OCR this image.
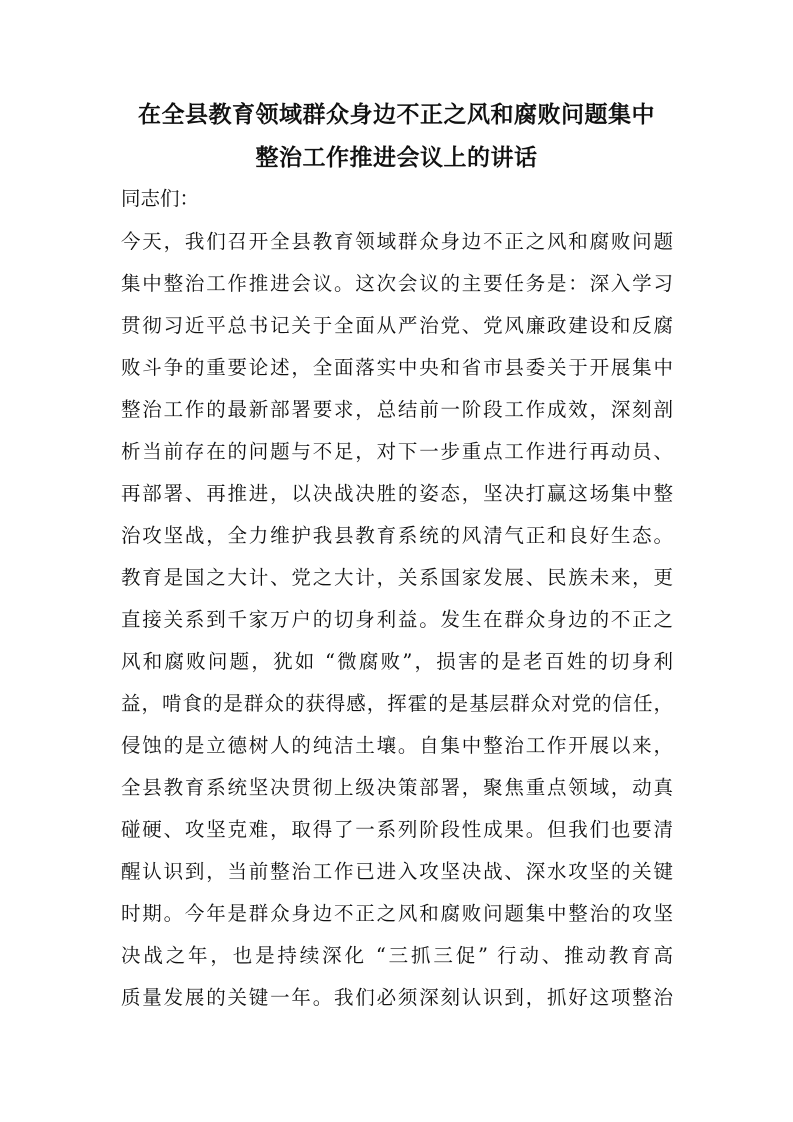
在全县教育领域群众身边不正之风和腐败问题集中
整治工作推进会议上的讲话
同志们：
今天，我们召开全县教育领域群众身边不正之风和腐败问题
集中整治工作推进会议。这次会议的主要任务是：深入学习
贯彻习近平总书记关于全面从严治党、党风廉政建设和反腐
败斗争的重要论述，全面落实中央和省市县委关于开展集中
整治工作的最新部署要求，总结前一阶段工作成效，深刻剖
析当前存在的问题与不足，对下一步重点工作进行再动员、
再部署、再推进，以决战决胜的姿态，坚决打赢这场集中整
治攻坚战，全力维护我县教育系统的风清气正和良好生态。
教育是国之大计、党之大计，关系国家发展、民族未来，更
直接关系到千家万户的切身利益。发生在群众身边的不正之
风和腐败问题，犹如 “微腐败”，损害的是老百姓的切身利
益，啃食的是群众的获得感，挥霍的是基层群众对党的信任，
侵蚀的是立德树人的纯洁土壤。自集中整治工作开展以来，
全县教育系统坚决贯彻上级决策部署，聚焦重点领域，动真
碰硬、攻坚克难，取得了一系列阶段性成果。但我们也要清
醒认识到，当前整治工作已进入攻坚决战、深水攻坚的关键
时期。今年是群众身边不正之风和腐败问题集中整治的攻坚
决战之年，也是持续深化 “三抓三促” 行动、推动教育高
质量发展的关键一年。我们必须深刻认识到，抓好这项整治
